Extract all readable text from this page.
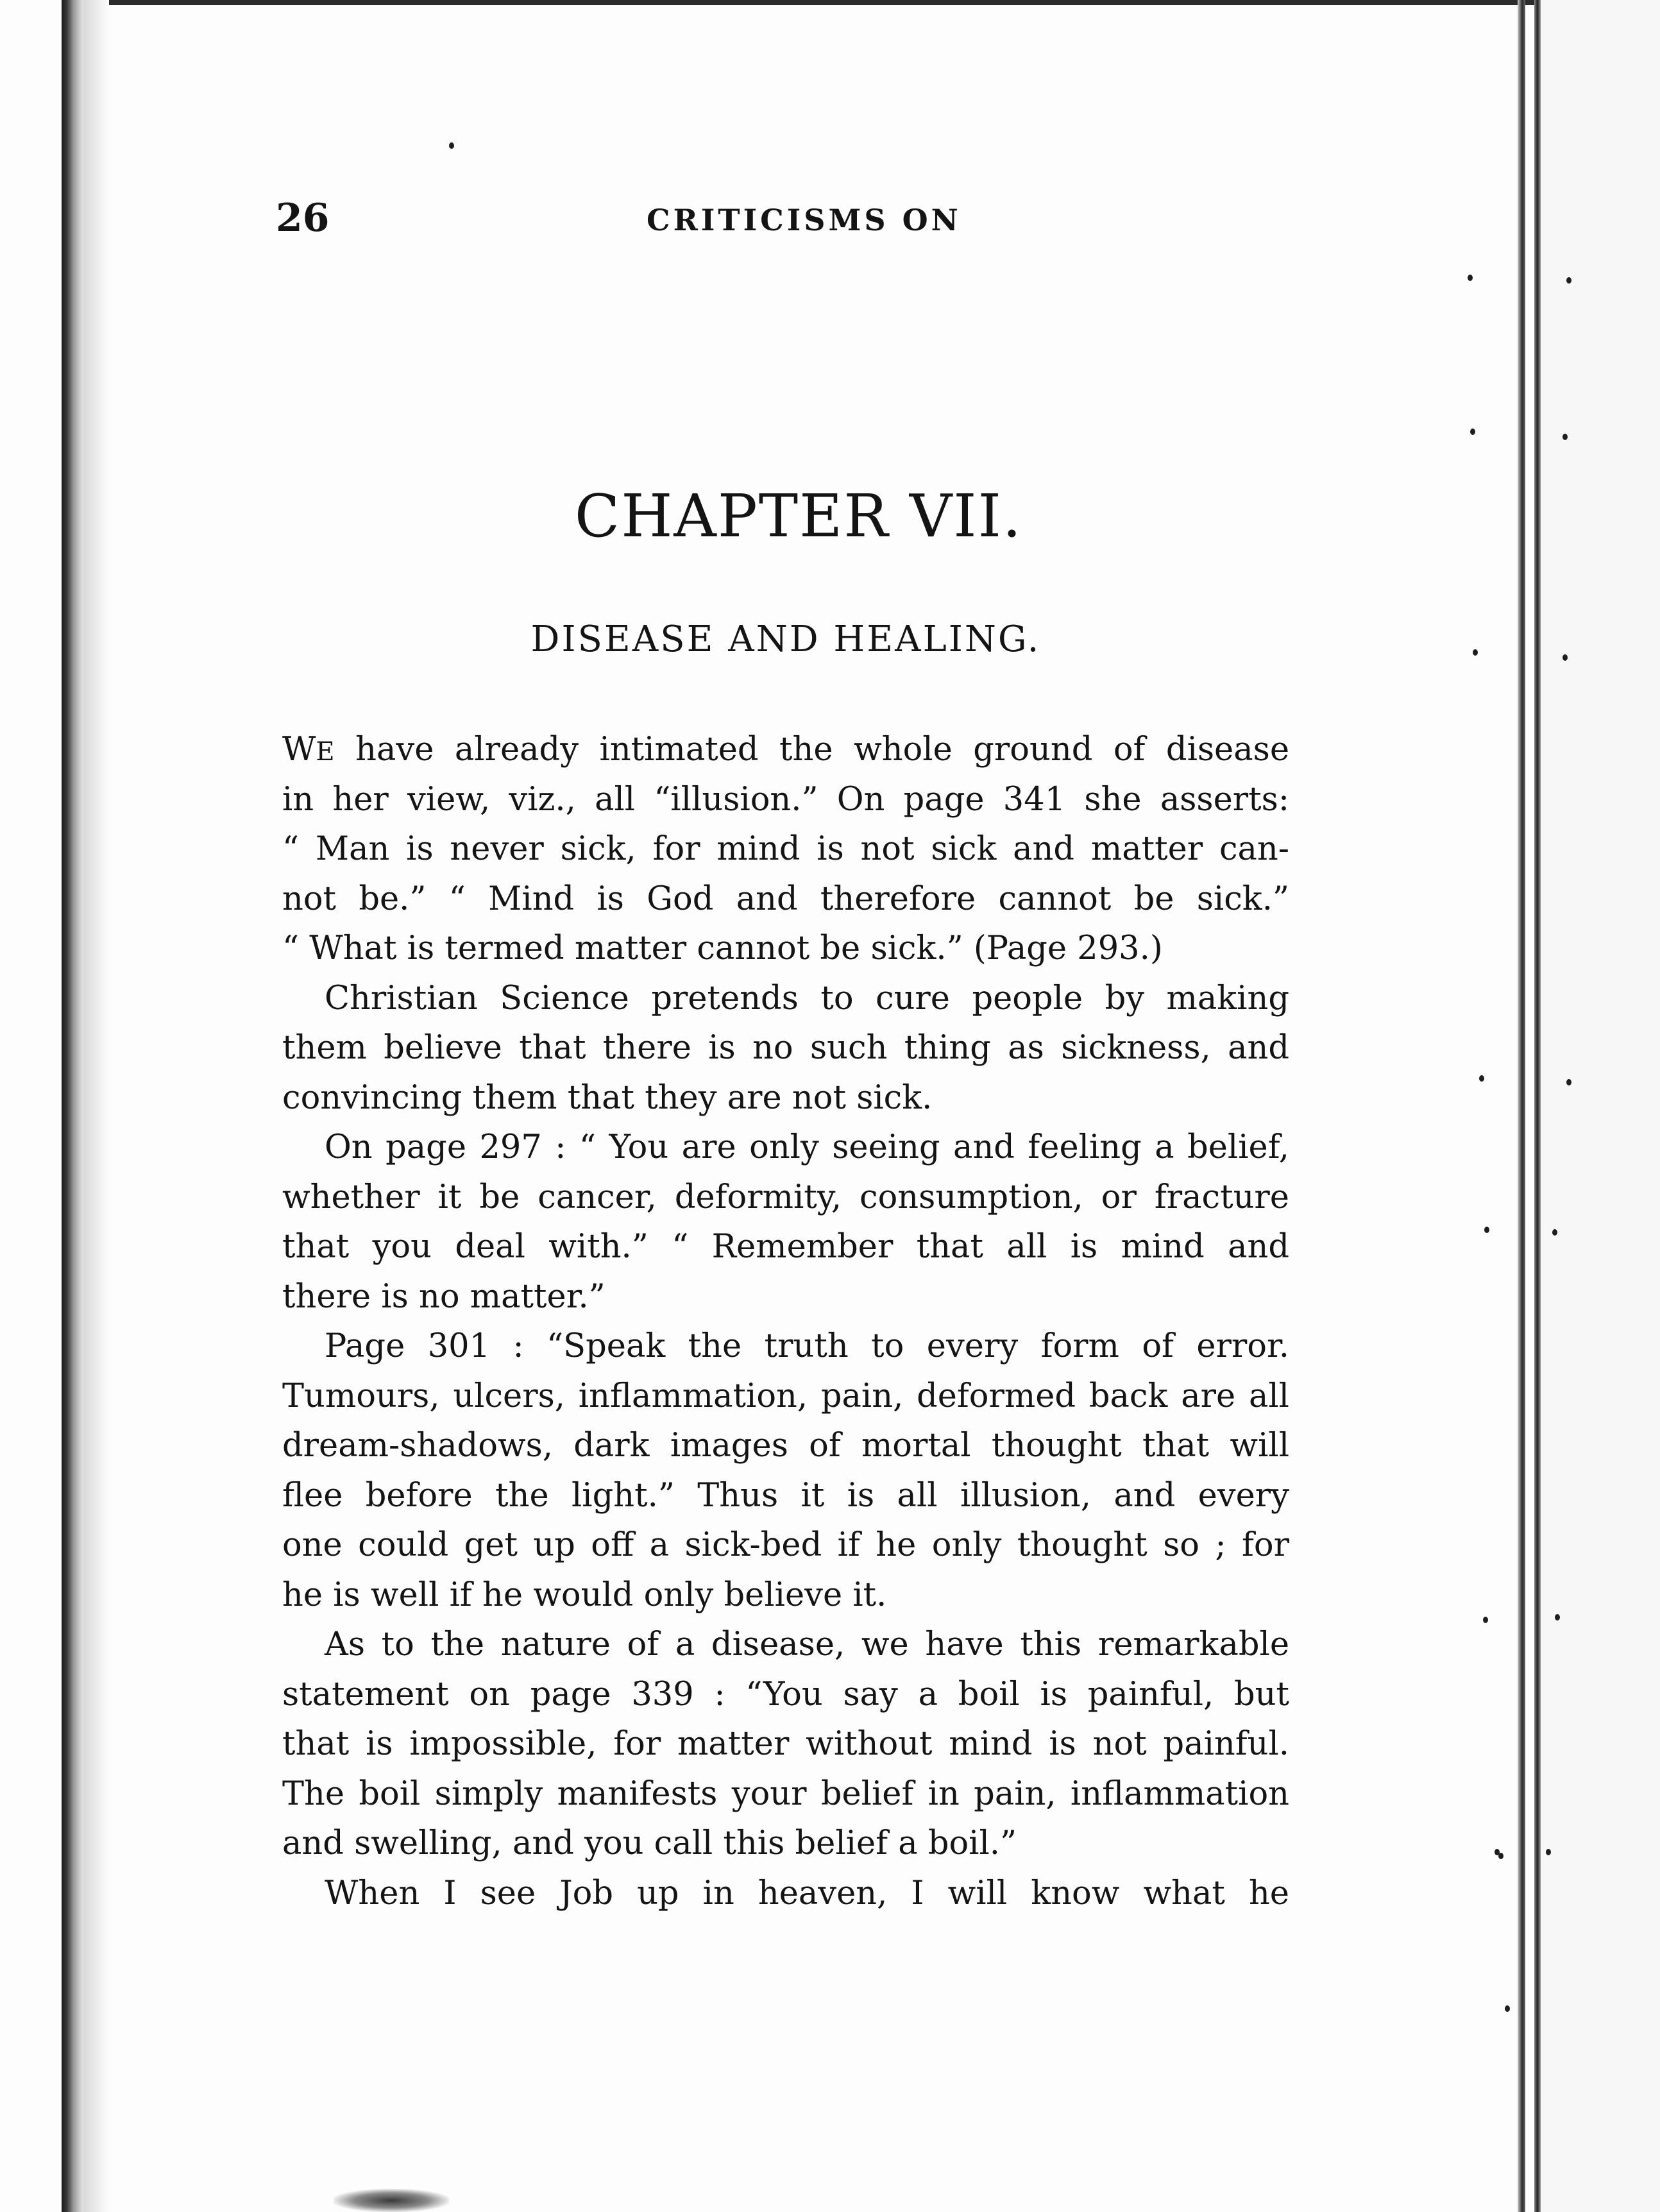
26	CRITICISMS ON
CHAPTER VII.
DISEASE AND HEALING.
WE have already intimated the whole ground of disease
in her view, viz., all “illusion.” On page 341 she asserts:
“ Man is never sick, for mind is not sick and matter can-
not be.” “ Mind is God and therefore cannot be sick.”
“ What is termed matter cannot be sick.” (Page 293.)
Christian Science pretends to cure people by making
them believe that there is no such thing as sickness, and
convincing them that they are not sick.
On page 297 : “ You are only seeing and feeling a belief,
whether it be cancer, deformity, consumption, or fracture
that you deal with.” “ Remember that all is mind and
there is no matter.”
Page 301 : “Speak the truth to every form of error.
Tumours, ulcers, inflammation, pain, deformed back are all
dream-shadows, dark images of mortal thought that will
flee before the light.” Thus it is all illusion, and every
one could get up off a sick-bed if he only thought so ; for
he is well if he would only believe it.
As to the nature of a disease, we have this remarkable
statement on page 339 : “You say a boil is painful, but
that is impossible, for matter without mind is not painful.
The boil simply manifests your belief in pain, inflammation
and swelling, and you call this belief a boil.”
When I see Job up in heaven, I will know what he
